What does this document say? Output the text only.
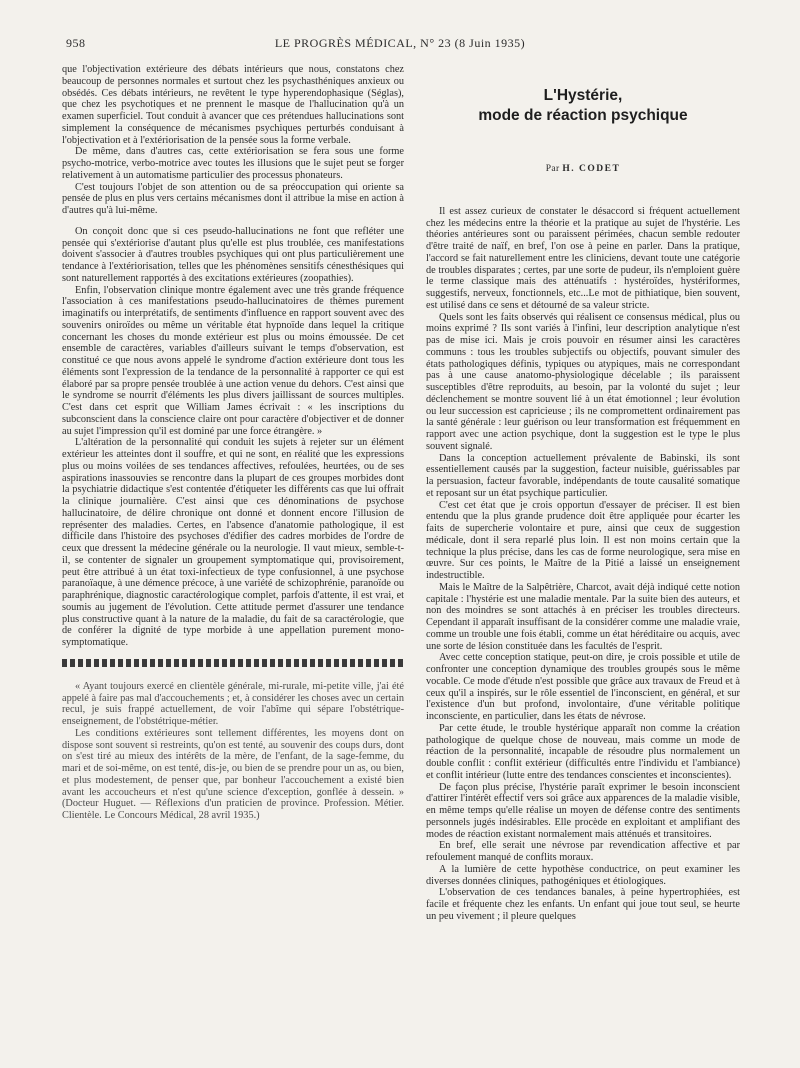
958	LE PROGRÈS MÉDICAL, N° 23 (8 Juin 1935)

que l'objectivation extérieure des débats intérieurs que nous, constatons chez beaucoup de personnes normales et surtout chez les psychasthéniques anxieux ou obsédés. Ces débats intérieurs, ne revêtent le type hyperendophasique (Séglas), que chez les psychotiques et ne prennent le masque de l'hallucination qu'à un examen superficiel. Tout conduit à avancer que ces prétendues hallucinations sont simplement la conséquence de mécanismes psychiques perturbés conduisant à l'objectivation et à l'extériorisation de la pensée sous la forme verbale.

De même, dans d'autres cas, cette extériorisation se fera sous une forme psycho-motrice, verbo-motrice avec toutes les illusions que le sujet peut se forger relativement à un automatisme particulier des processus phonateurs.

C'est toujours l'objet de son attention ou de sa préoccupation qui oriente sa pensée de plus en plus vers certains mécanismes dont il attribue la mise en action à d'autres qu'à lui-même.

On conçoit donc que si ces pseudo-hallucinations ne font que refléter une pensée qui s'extériorise d'autant plus qu'elle est plus troublée, ces manifestations doivent s'associer à d'autres troubles psychiques qui ont plus particulièrement une tendance à l'extériorisation, telles que les phénomènes sensitifs cénesthésiques qui sont naturellement rapportés à des excitations extérieures (zoopathies).

Enfin, l'observation clinique montre également avec une très grande fréquence l'association à ces manifestations pseudo-hallucinatoires de thèmes purement imaginatifs ou interprétatifs, de sentiments d'influence en rapport souvent avec des souvenirs oniroïdes ou même un véritable état hypnoïde dans lequel la critique concernant les choses du monde extérieur est plus ou moins émoussée. De cet ensemble de caractères, variables d'ailleurs suivant le temps d'observation, est constitué ce que nous avons appelé le syndrome d'action extérieure dont tous les éléments sont l'expression de la tendance de la personnalité à rapporter ce qui est élaboré par sa propre pensée troublée à une action venue du dehors. C'est ainsi que le syndrome se nourrit d'éléments les plus divers jaillissant de sources multiples. C'est dans cet esprit que William James écrivait : « les inscriptions du subconscient dans la conscience claire ont pour caractère d'objectiver et de donner au sujet l'impression qu'il est dominé par une force étrangère. »

L'altération de la personnalité qui conduit les sujets à rejeter sur un élément extérieur les atteintes dont il souffre, et qui ne sont, en réalité que les expressions plus ou moins voilées de ses tendances affectives, refoulées, heurtées, ou de ses aspirations inassouvies se rencontre dans la plupart de ces groupes morbides dont la psychiatrie didactique s'est contentée d'étiqueter les différents cas que lui offrait la clinique journalière. C'est ainsi que ces dénominations de psychose hallucinatoire, de délire chronique ont donné et donnent encore l'illusion de représenter des maladies. Certes, en l'absence d'anatomie pathologique, il est difficile dans l'histoire des psychoses d'édifier des cadres morbides de l'ordre de ceux que dressent la médecine générale ou la neurologie. Il vaut mieux, semble-t-il, se contenter de signaler un groupement symptomatique qui, provisoirement, peut être attribué à un état toxi-infectieux de type confusionnel, à une psychose paranoïaque, à une démence précoce, à une variété de schizophrénie, paranoïde ou paraphrénique, diagnostic caractérologique complet, parfois d'attente, il est vrai, et soumis au jugement de l'évolution. Cette attitude permet d'assurer une tendance plus constructive quant à la nature de la maladie, du fait de sa caractérologie, que de conférer la dignité de type morbide à une appellation purement mono-symptomatique.

« Ayant toujours exercé en clientèle générale, mi-rurale, mi-petite ville, j'ai été appelé à faire pas mal d'accouchements ; et, à considérer les choses avec un certain recul, je suis frappé actuellement, de voir l'abîme qui sépare l'obstétrique-enseignement, de l'obstétrique-métier.

Les conditions extérieures sont tellement différentes, les moyens dont on dispose sont souvent si restreints, qu'on est tenté, au souvenir des coups durs, dont on s'est tiré au mieux des intérêts de la mère, de l'enfant, de la sage-femme, du mari et de soi-même, on est tenté, dis-je, ou bien de se prendre pour un as, ou bien, et plus modestement, de penser que, par bonheur l'accouchement a existé bien avant les accoucheurs et n'est qu'une science d'exception, gonflée à dessein. » (Docteur Huguet. — Réflexions d'un praticien de province. Profession. Métier. Clientèle. Le Concours Médical, 28 avril 1935.)

L'Hystérie,
mode de réaction psychique
Par H. CODET

Il est assez curieux de constater le désaccord si fréquent actuellement chez les médecins entre la théorie et la pratique au sujet de l'hystérie. Les théories antérieures sont ou paraissent périmées, chacun semble redouter d'être traité de naïf, en bref, l'on ose à peine en parler. Dans la pratique, l'accord se fait naturellement entre les cliniciens, devant toute une catégorie de troubles disparates ; certes, par une sorte de pudeur, ils n'emploient guère le terme classique mais des atténuatifs : hystéroïdes, hystériformes, suggestifs, nerveux, fonctionnels, etc...Le mot de pithiatique, bien souvent, est utilisé dans ce sens et détourné de sa valeur stricte.

Quels sont les faits observés qui réalisent ce consensus médical, plus ou moins exprimé ? Ils sont variés à l'infini, leur description analytique n'est pas de mise ici. Mais je crois pouvoir en résumer ainsi les caractères communs : tous les troubles subjectifs ou objectifs, pouvant simuler des états pathologiques définis, typiques ou atypiques, mais ne correspondant pas à une cause anatomo-physiologique décelable ; ils paraissent susceptibles d'être reproduits, au besoin, par la volonté du sujet ; leur déclenchement se montre souvent lié à un état émotionnel ; leur évolution ou leur succession est capricieuse ; ils ne compromettent ordinairement pas la santé générale : leur guérison ou leur transformation est fréquemment en rapport avec une action psychique, dont la suggestion est le type le plus souvent signalé.

Dans la conception actuellement prévalente de Babinski, ils sont essentiellement causés par la suggestion, facteur nuisible, guérissables par la persuasion, facteur favorable, indépendants de toute causalité somatique et reposant sur un état psychique particulier.

C'est cet état que je crois opportun d'essayer de préciser. Il est bien entendu que la plus grande prudence doit être appliquée pour écarter les faits de supercherie volontaire et pure, ainsi que ceux de suggestion médicale, dont il sera reparlé plus loin. Il est non moins certain que la technique la plus précise, dans les cas de forme neurologique, sera mise en œuvre. Sur ces points, le Maître de la Pitié a laissé un enseignement indestructible.

Mais le Maître de la Salpêtrière, Charcot, avait déjà indiqué cette notion capitale : l'hystérie est une maladie mentale. Par la suite bien des auteurs, et non des moindres se sont attachés à en préciser les troubles directeurs. Cependant il apparaît insuffisant de la considérer comme une maladie vraie, comme un trouble une fois établi, comme un état héréditaire ou acquis, avec une sorte de lésion constituée dans les facultés de l'esprit.

Avec cette conception statique, peut-on dire, je crois possible et utile de confronter une conception dynamique des troubles groupés sous le même vocable. Ce mode d'étude n'est possible que grâce aux travaux de Freud et à ceux qu'il a inspirés, sur le rôle essentiel de l'inconscient, en général, et sur l'existence d'un but profond, involontaire, d'une véritable politique inconsciente, en particulier, dans les états de névrose.

Par cette étude, le trouble hystérique apparaît non comme la création pathologique de quelque chose de nouveau, mais comme un mode de réaction de la personnalité, incapable de résoudre plus normalement un double conflit : conflit extérieur (difficultés entre l'individu et l'ambiance) et conflit intérieur (lutte entre des tendances conscientes et inconscientes).

De façon plus précise, l'hystérie paraît exprimer le besoin inconscient d'attirer l'intérêt effectif vers soi grâce aux apparences de la maladie visible, en même temps qu'elle réalise un moyen de défense contre des sentiments personnels jugés indésirables. Elle procède en exploitant et amplifiant des modes de réaction existant normalement mais atténués et transitoires.

En bref, elle serait une névrose par revendication affective et par refoulement manqué de conflits moraux.

A la lumière de cette hypothèse conductrice, on peut examiner les diverses données cliniques, pathogéniques et étiologiques.

L'observation de ces tendances banales, à peine hypertrophiées, est facile et fréquente chez les enfants. Un enfant qui joue tout seul, se heurte un peu vivement ; il pleure quelques
